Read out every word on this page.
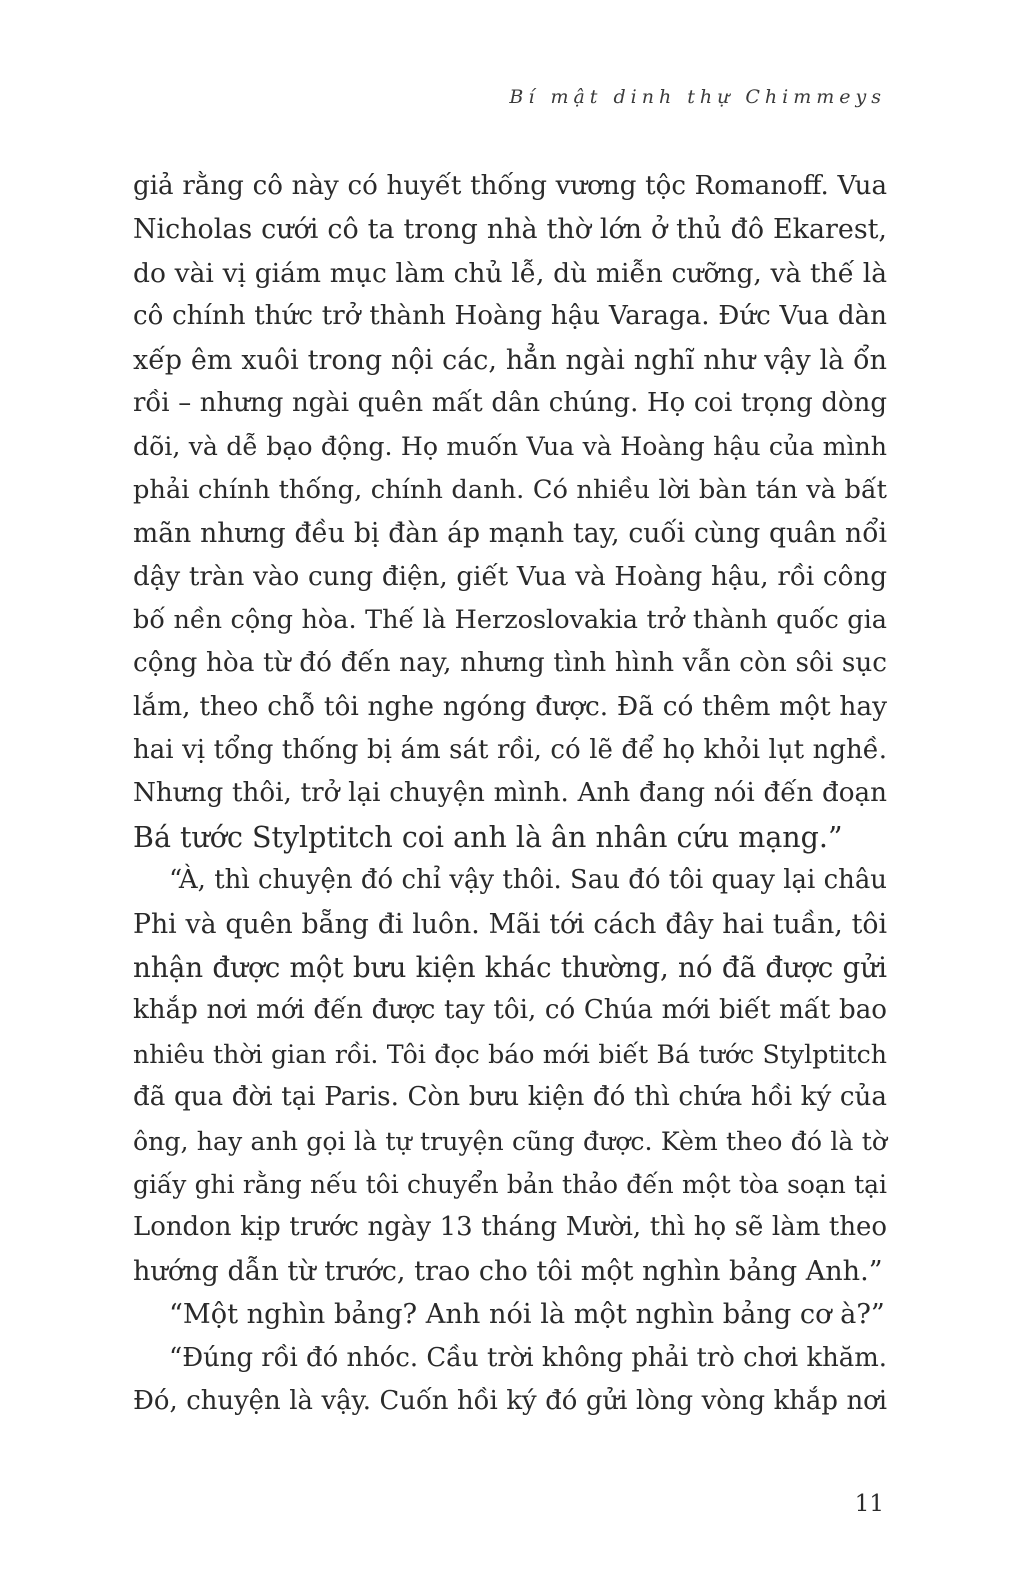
Bí mật dinh thự Chimmeys
giả rằng cô này có huyết thống vương tộc Romanoff. Vua
Nicholas cưới cô ta trong nhà thờ lớn ở thủ đô Ekarest,
do vài vị giám mục làm chủ lễ, dù miễn cưỡng, và thế là
cô chính thức trở thành Hoàng hậu Varaga. Đức Vua dàn
xếp êm xuôi trong nội các, hẳn ngài nghĩ như vậy là ổn
rồi – nhưng ngài quên mất dân chúng. Họ coi trọng dòng
dõi, và dễ bạo động. Họ muốn Vua và Hoàng hậu của mình
phải chính thống, chính danh. Có nhiều lời bàn tán và bất
mãn nhưng đều bị đàn áp mạnh tay, cuối cùng quân nổi
dậy tràn vào cung điện, giết Vua và Hoàng hậu, rồi công
bố nền cộng hòa. Thế là Herzoslovakia trở thành quốc gia
cộng hòa từ đó đến nay, nhưng tình hình vẫn còn sôi sục
lắm, theo chỗ tôi nghe ngóng được. Đã có thêm một hay
hai vị tổng thống bị ám sát rồi, có lẽ để họ khỏi lụt nghề.
Nhưng thôi, trở lại chuyện mình. Anh đang nói đến đoạn
Bá tước Stylptitch coi anh là ân nhân cứu mạng.”
“À, thì chuyện đó chỉ vậy thôi. Sau đó tôi quay lại châu
Phi và quên bẵng đi luôn. Mãi tới cách đây hai tuần, tôi
nhận được một bưu kiện khác thường, nó đã được gửi
khắp nơi mới đến được tay tôi, có Chúa mới biết mất bao
nhiêu thời gian rồi. Tôi đọc báo mới biết Bá tước Stylptitch
đã qua đời tại Paris. Còn bưu kiện đó thì chứa hồi ký của
ông, hay anh gọi là tự truyện cũng được. Kèm theo đó là tờ
giấy ghi rằng nếu tôi chuyển bản thảo đến một tòa soạn tại
London kịp trước ngày 13 tháng Mười, thì họ sẽ làm theo
hướng dẫn từ trước, trao cho tôi một nghìn bảng Anh.”
“Một nghìn bảng? Anh nói là một nghìn bảng cơ à?”
“Đúng rồi đó nhóc. Cầu trời không phải trò chơi khăm.
Đó, chuyện là vậy. Cuốn hồi ký đó gửi lòng vòng khắp nơi
11
